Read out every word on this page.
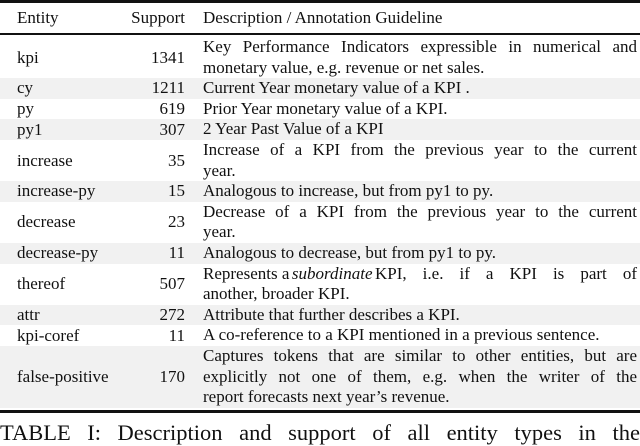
Entity	Support Description / Annotation Guideline
kpi	1341
Key Performance Indicators expressible in numerical and
monetary value, e.g. revenue or net sales.
cy	1211 Current Year monetary value of a KPI .
py	619 Prior Year monetary value of a KPI.
py1	307 2 Year Past Value of a KPI
increase	35
Increase of a KPI from the previous year to the current
year.
increase-py	15 Analogous to increase, but from py1 to py.
decrease	23
Decrease of a KPI from the previous year to the current
year.
decrease-py	11 Analogous to decrease, but from py1 to py.
thereof	507
Represents a subordinate KPI, i.e. if a KPI is part of
another, broader KPI.
attr	272 Attribute that further describes a KPI.
kpi-coref	11 A co-reference to a KPI mentioned in a previous sentence.
false-positive	170
Captures tokens that are similar to other entities, but are
explicitly not one of them, e.g. when the writer of the
report forecasts next year’s revenue.
TABLE I: Description and support of all entity types in the
